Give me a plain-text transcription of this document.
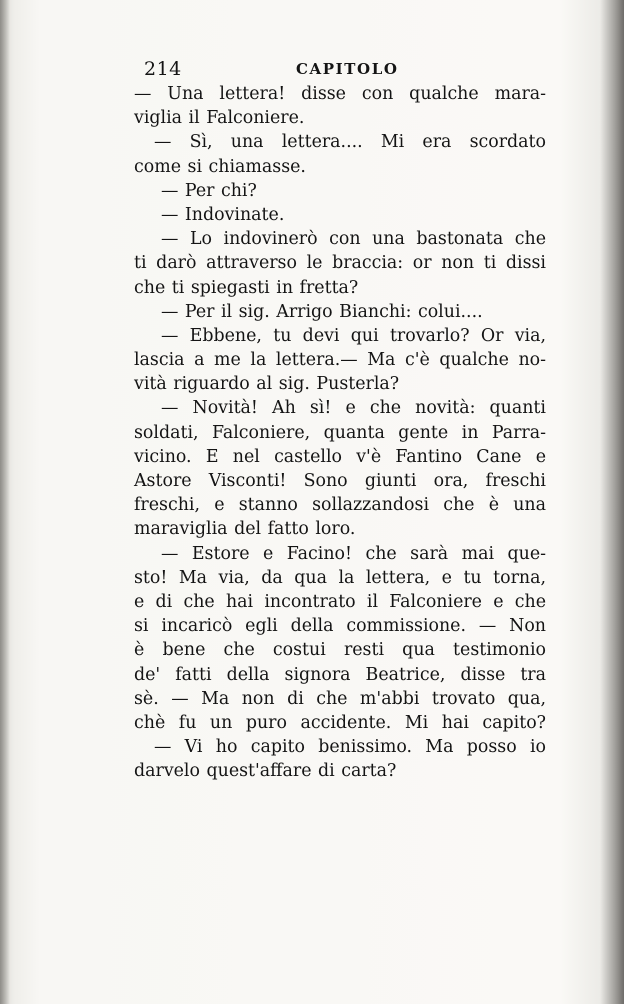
214	CAPITOLO
— Una lettera! disse con qualche mara-
viglia il Falconiere.
— Sì, una lettera.... Mi era scordato
come si chiamasse.
— Per chi?
— Indovinate.
— Lo indovinerò con una bastonata che
ti darò attraverso le braccia: or non ti dissi
che ti spiegasti in fretta?
— Per il sig. Arrigo Bianchi: colui....
— Ebbene, tu devi qui trovarlo? Or via,
lascia a me la lettera.— Ma c'è qualche no-
vità riguardo al sig. Pusterla?
— Novità! Ah sì! e che novità: quanti
soldati, Falconiere, quanta gente in Parra-
vicino. E nel castello v'è Fantino Cane e
Astore Visconti! Sono giunti ora, freschi
freschi, e stanno sollazzandosi che è una
maraviglia del fatto loro.
— Estore e Facino! che sarà mai que-
sto! Ma via, da qua la lettera, e tu torna,
e di che hai incontrato il Falconiere e che
si incaricò egli della commissione. — Non
è bene che costui resti qua testimonio
de' fatti della signora Beatrice, disse tra
sè. — Ma non di che m'abbi trovato qua,
chè fu un puro accidente. Mi hai capito?
— Vi ho capito benissimo. Ma posso io
darvelo quest'affare di carta?
